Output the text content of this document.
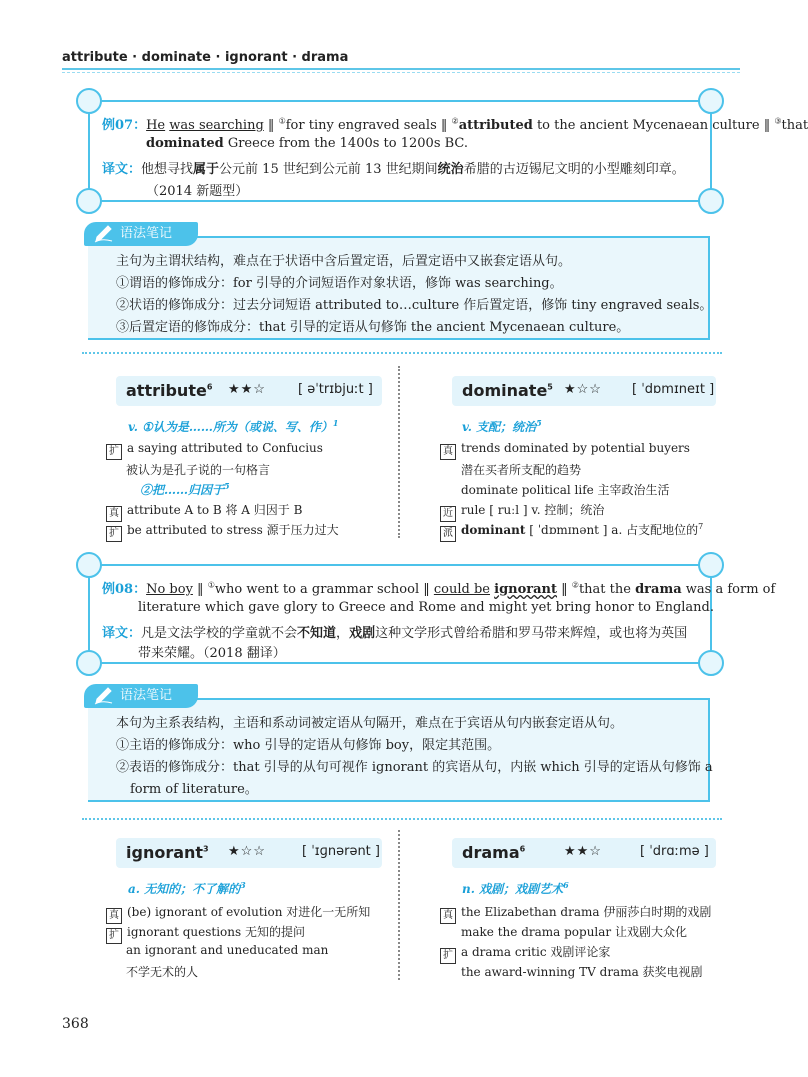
attribute · dominate · ignorant · drama
例07：He was searching ‖ ①for tiny engraved seals ‖ ②attributed to the ancient Mycenaean culture ‖ ③that
dominated Greece from the 1400s to 1200s BC.
译文：他想寻找属于公元前 15 世纪到公元前 13 世纪期间统治希腊的古迈锡尼文明的小型雕刻印章。
（2014 新题型）
主句为主谓状结构，难点在于状语中含后置定语，后置定语中又嵌套定语从句。
①谓语的修饰成分：for 引导的介词短语作对象状语，修饰 was searching。
②状语的修饰成分：过去分词短语 attributed to…culture 作后置定语，修饰 tiny engraved seals。
③后置定语的修饰成分：that 引导的定语从句修饰 the ancient Mycenaean culture。
语法笔记
attribute$^6$ ★★☆ [ əˈtrɪbjuːt ]
v. ①认为是……所为（或说、写、作）$^1$
扩 a saying attributed to Confucius
被认为是孔子说的一句格言
②把……归因于$^5$
真 attribute A to B 将 A 归因于 B
扩 be attributed to stress 源于压力过大
dominate$^5$ ★☆☆ [ ˈdɒmɪneɪt ]
v. 支配；统治$^5$
真 trends dominated by potential buyers
潜在买者所支配的趋势
dominate political life 主宰政治生活
近 rule [ ruːl ] v. 控制；统治
派 dominant [ ˈdɒmɪnənt ] a. 占支配地位的$^7$
例08：No boy ‖ ①who went to a grammar school ‖ could be ignorant ‖ ②that the drama was a form of
literature which gave glory to Greece and Rome and might yet bring honor to England.
译文：凡是文法学校的学童就不会不知道，戏剧这种文学形式曾给希腊和罗马带来辉煌，或也将为英国
带来荣耀。（2018 翻译）
本句为主系表结构，主语和系动词被定语从句隔开，难点在于宾语从句内嵌套定语从句。
①主语的修饰成分：who 引导的定语从句修饰 boy，限定其范围。
②表语的修饰成分：that 引导的从句可视作 ignorant 的宾语从句，内嵌 which 引导的定语从句修饰 a
form of literature。
语法笔记
ignorant$^3$ ★☆☆	[ ˈɪɡnərənt ]
a. 无知的；不了解的$^3$
真 (be) ignorant of evolution 对进化一无所知
扩 ignorant questions 无知的提问
an ignorant and uneducated man
不学无术的人
drama$^6$	★★☆	[ ˈdrɑːmə ]
n. 戏剧；戏剧艺术$^6$
真 the Elizabethan drama 伊丽莎白时期的戏剧
make the drama popular 让戏剧大众化
扩 a drama critic 戏剧评论家
the award-winning TV drama 获奖电视剧
368
